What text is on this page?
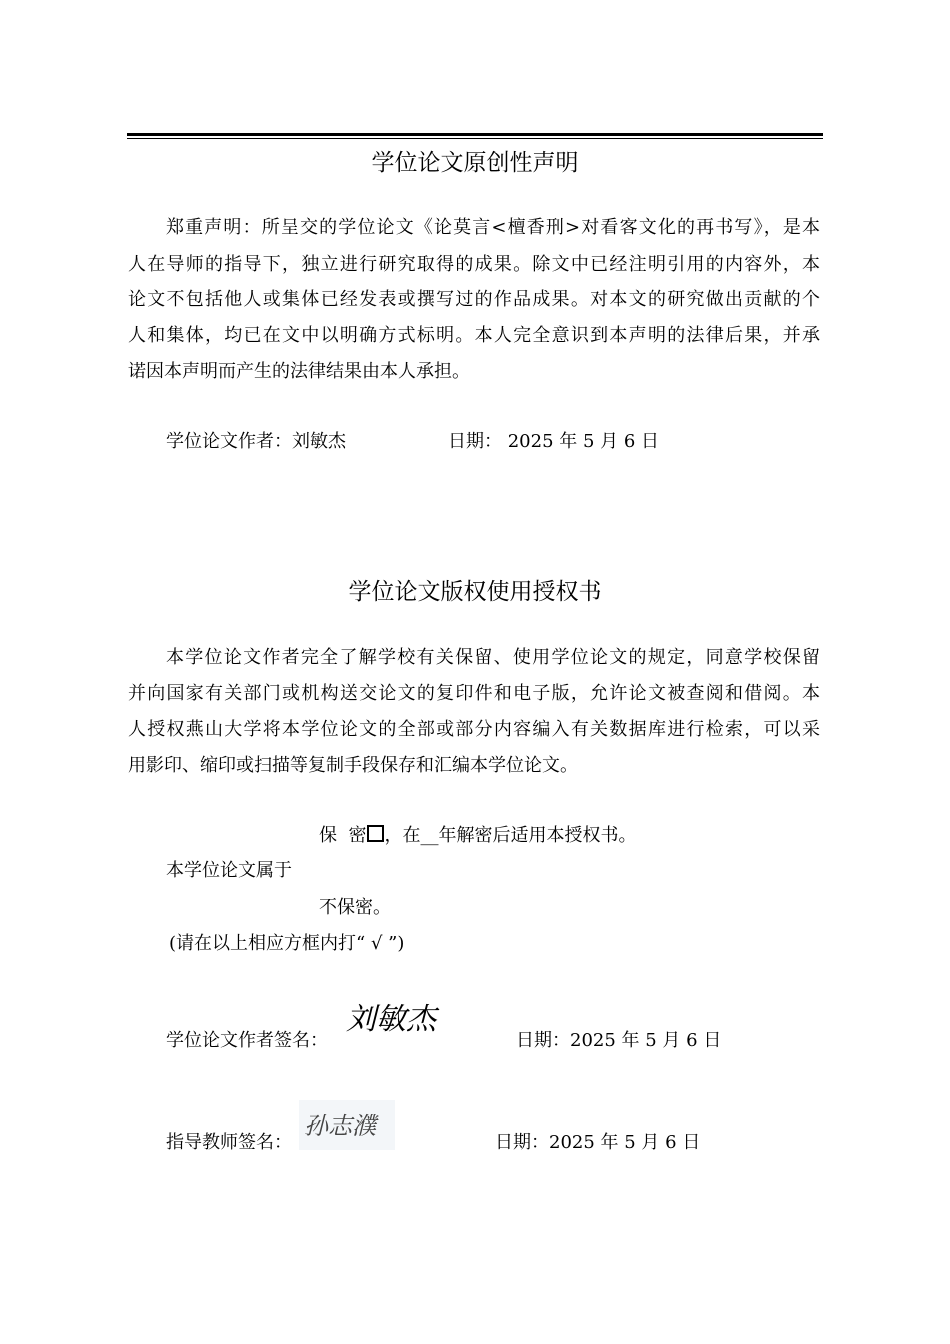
学位论文原创性声明
郑重声明：所呈交的学位论文《论莫言<檀香刑>对看客文化的再书写》，是本
人在导师的指导下，独立进行研究取得的成果。除文中已经注明引用的内容外，本
论文不包括他人或集体已经发表或撰写过的作品成果。对本文的研究做出贡献的个
人和集体，均已在文中以明确方式标明。本人完全意识到本声明的法律后果，并承
诺因本声明而产生的法律结果由本人承担。
学位论文作者：刘敏杰	日期： 2025 年 5 月 6 日
学位论文版权使用授权书
本学位论文作者完全了解学校有关保留、使用学位论文的规定，同意学校保留
并向国家有关部门或机构送交论文的复印件和电子版，允许论文被查阅和借阅。本
人授权燕山大学将本学位论文的全部或部分内容编入有关数据库进行检索，可以采
用影印、缩印或扫描等复制手段保存和汇编本学位论文。
保  密 ，在__年解密后适用本授权书。
本学位论文属于
不保密。
(请在以上相应方框内打“ √ ”)
学位论文作者签名：
刘敏杰
日期：2025 年 5 月 6 日
孙志濮
指导教师签名：	日期：2025 年 5 月 6 日
